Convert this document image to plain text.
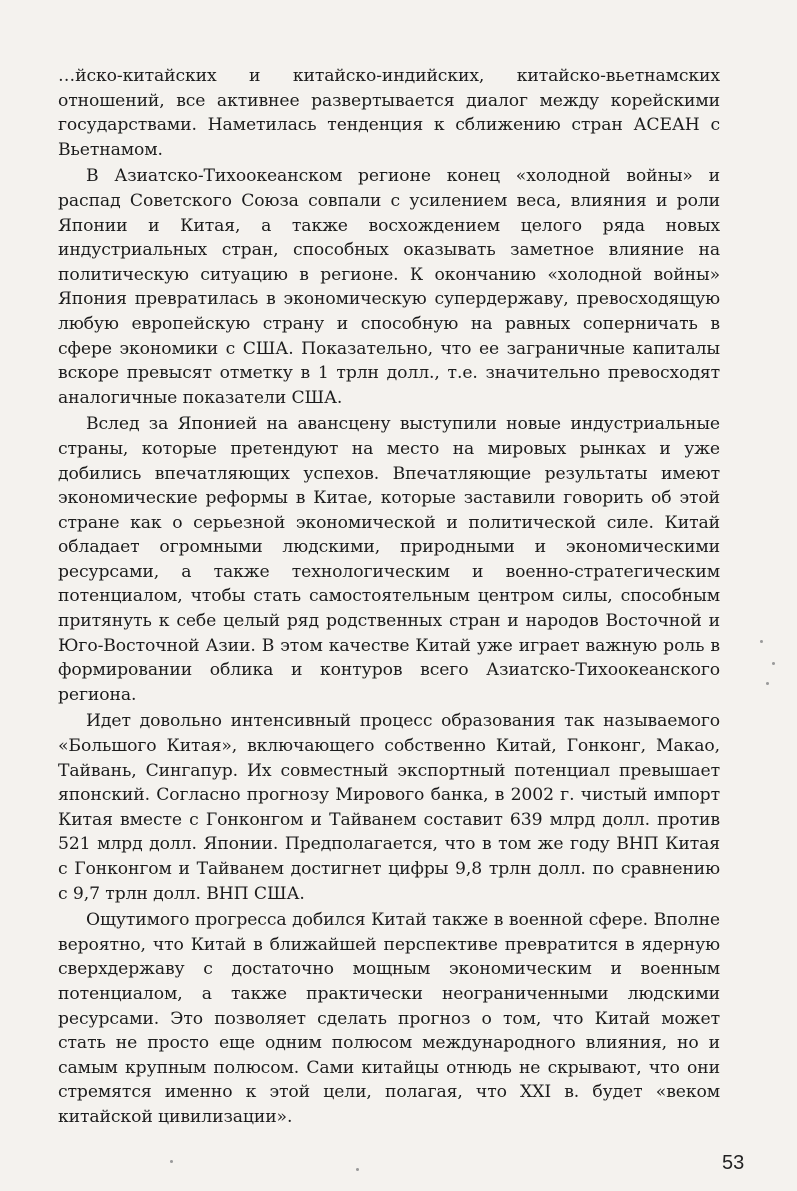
…йско-китайских и китайско-индийских, китайско-вьетнамских отношений, все активнее развертывается диалог между корейскими государствами. Наметилась тенденция к сближению стран АСЕАН с Вьетнамом.

В Азиатско-Тихоокеанском регионе конец «холодной войны» и распад Советского Союза совпали с усилением веса, влияния и роли Японии и Китая, а также восхождением целого ряда новых индустриальных стран, способных оказывать заметное влияние на политическую ситуацию в регионе. К окончанию «холодной войны» Япония превратилась в экономическую супердержаву, превосходящую любую европейскую страну и способную на равных соперничать в сфере экономики с США. Показательно, что ее заграничные капиталы вскоре превысят отметку в 1 трлн долл., т.е. значительно превосходят аналогичные показатели США.

Вслед за Японией на авансцену выступили новые индустриальные страны, которые претендуют на место на мировых рынках и уже добились впечатляющих успехов. Впечатляющие результаты имеют экономические реформы в Китае, которые заставили говорить об этой стране как о серьезной экономической и политической силе. Китай обладает огромными людскими, природными и экономическими ресурсами, а также технологическим и военно-стратегическим потенциалом, чтобы стать самостоятельным центром силы, способным притянуть к себе целый ряд родственных стран и народов Восточной и Юго-Восточной Азии. В этом качестве Китай уже играет важную роль в формировании облика и контуров всего Азиатско-Тихоокеанского региона.

Идет довольно интенсивный процесс образования так называемого «Большого Китая», включающего собственно Китай, Гонконг, Макао, Тайвань, Сингапур. Их совместный экспортный потенциал превышает японский. Согласно прогнозу Мирового банка, в 2002 г. чистый импорт Китая вместе с Гонконгом и Тайванем составит 639 млрд долл. против 521 млрд долл. Японии. Предполагается, что в том же году ВНП Китая с Гонконгом и Тайванем достигнет цифры 9,8 трлн долл. по сравнению с 9,7 трлн долл. ВНП США.

Ощутимого прогресса добился Китай также в военной сфере. Вполне вероятно, что Китай в ближайшей перспективе превратится в ядерную сверхдержаву с достаточно мощным экономическим и военным потенциалом, а также практически неограниченными людскими ресурсами. Это позволяет сделать прогноз о том, что Китай может стать не просто еще одним полюсом международного влияния, но и самым крупным полюсом. Сами китайцы отнюдь не скрывают, что они стремятся именно к этой цели, полагая, что XXI в. будет «веком китайской цивилизации».

53
